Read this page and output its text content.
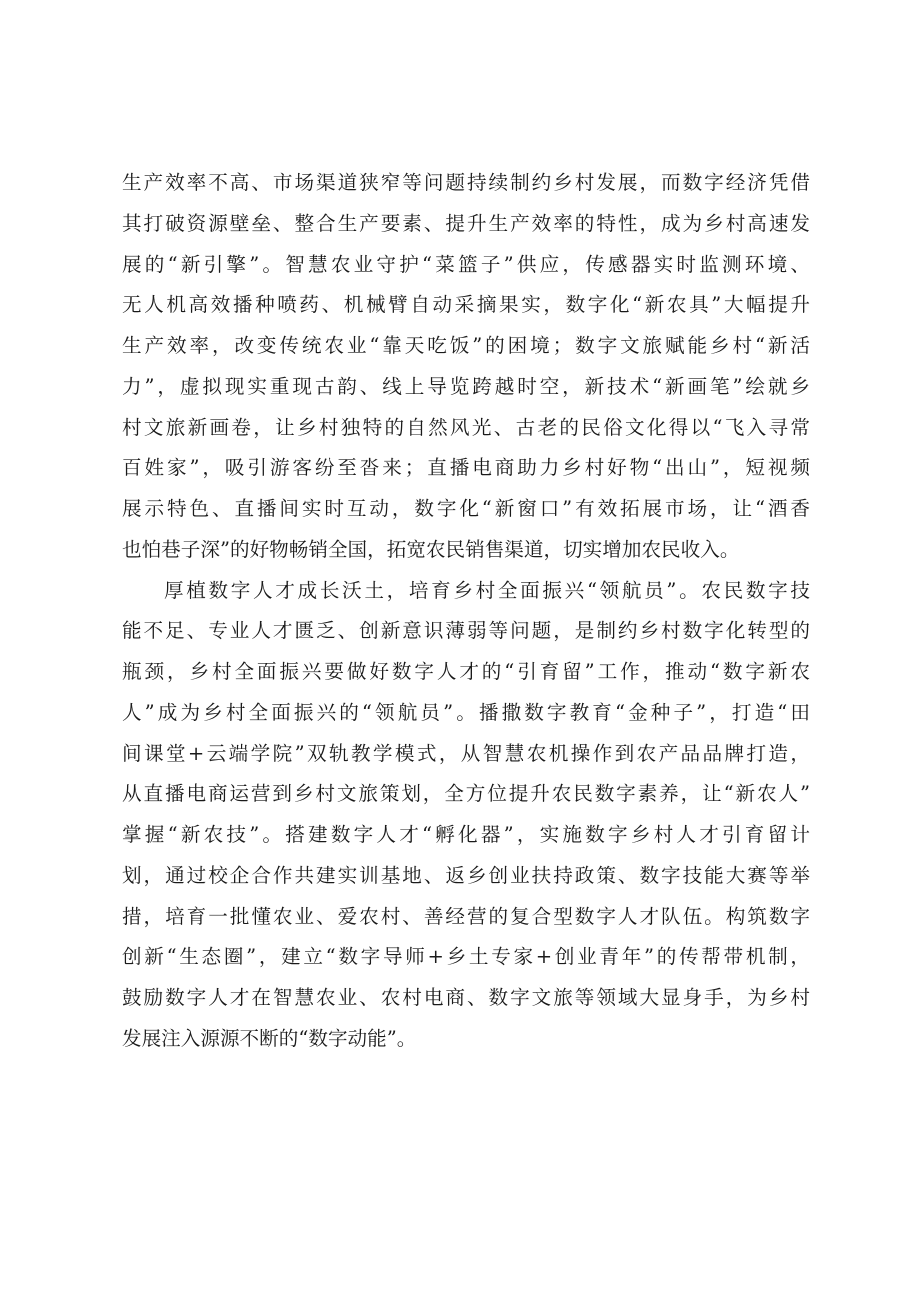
生产效率不高、市场渠道狭窄等问题持续制约乡村发展，而数字经济凭借
其打破资源壁垒、整合生产要素、提升生产效率的特性，成为乡村高速发
展的“新引擎”。智慧农业守护“菜篮子”供应，传感器实时监测环境、
无人机高效播种喷药、机械臂自动采摘果实，数字化“新农具”大幅提升
生产效率，改变传统农业“靠天吃饭”的困境；数字文旅赋能乡村“新活
力”，虚拟现实重现古韵、线上导览跨越时空，新技术“新画笔”绘就乡
村文旅新画卷，让乡村独特的自然风光、古老的民俗文化得以“飞入寻常
百姓家”，吸引游客纷至沓来；直播电商助力乡村好物“出山”，短视频
展示特色、直播间实时互动，数字化“新窗口”有效拓展市场，让“酒香
也怕巷子深”的好物畅销全国，拓宽农民销售渠道，切实增加农民收入。
厚植数字人才成长沃土，培育乡村全面振兴“领航员”。农民数字技
能不足、专业人才匮乏、创新意识薄弱等问题，是制约乡村数字化转型的
瓶颈，乡村全面振兴要做好数字人才的“引育留”工作，推动“数字新农
人”成为乡村全面振兴的“领航员”。播撒数字教育“金种子”，打造“田
间课堂+云端学院”双轨教学模式，从智慧农机操作到农产品品牌打造，
从直播电商运营到乡村文旅策划，全方位提升农民数字素养，让“新农人”
掌握“新农技”。搭建数字人才“孵化器”，实施数字乡村人才引育留计
划，通过校企合作共建实训基地、返乡创业扶持政策、数字技能大赛等举
措，培育一批懂农业、爱农村、善经营的复合型数字人才队伍。构筑数字
创新“生态圈”，建立“数字导师+乡土专家+创业青年”的传帮带机制，
鼓励数字人才在智慧农业、农村电商、数字文旅等领域大显身手，为乡村
发展注入源源不断的“数字动能”。
